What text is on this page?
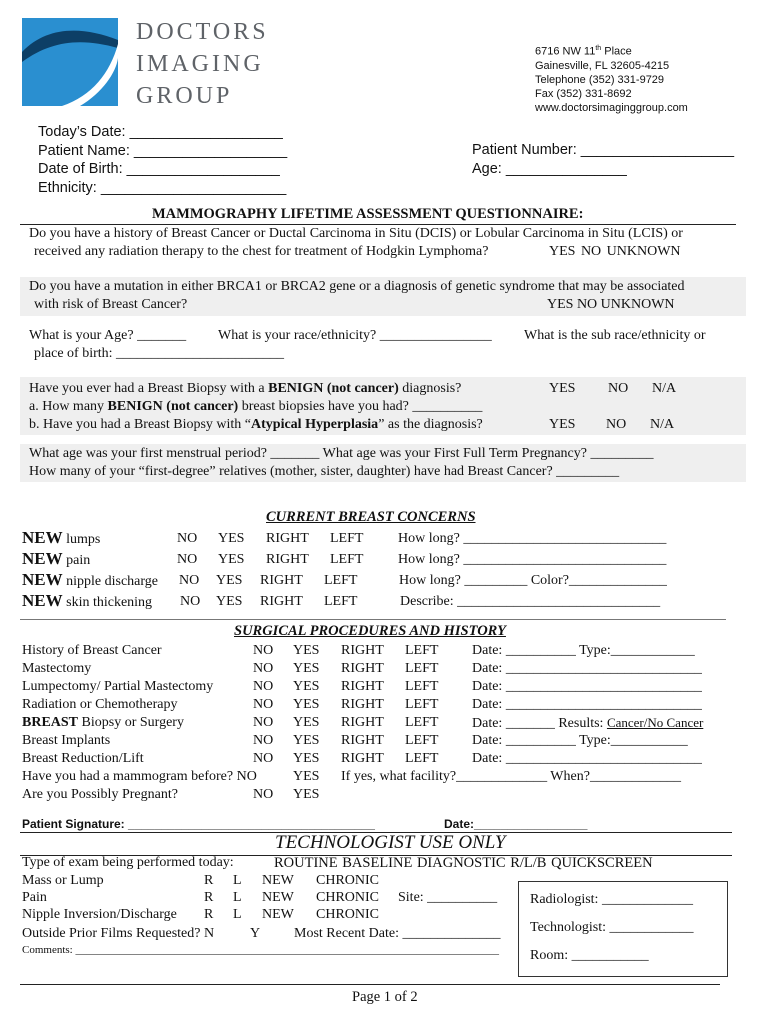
DOCTORS
IMAGING
GROUP
6716 NW 11th Place
Gainesville, FL 32605-4215
Telephone (352) 331-9729
Fax (352) 331-8692
www.doctorsimaginggroup.com
Today’s Date: ___________________
Patient Name: ___________________
Date of Birth: ___________________
Ethnicity: _______________________
Patient Number: ___________________
Age: _______________
MAMMOGRAPHY LIFETIME ASSESSMENT QUESTIONNAIRE:
Do you have a history of Breast Cancer or Ductal Carcinoma in Situ (DCIS) or Lobular Carcinoma in Situ (LCIS) or
received any radiation therapy to the chest for treatment of Hodgkin Lymphoma?	YES NO UNKNOWN
Do you have a mutation in either BRCA1 or BRCA2 gene or a diagnosis of genetic syndrome that may be associated
with risk of Breast Cancer?	YES NO UNKNOWN
What is your Age? _______ What is your race/ethnicity? ________________ What is the sub race/ethnicity or
place of birth: ________________________
Have you ever had a Breast Biopsy with a BENIGN (not cancer) diagnosis?	YES NO N/A
a. How many BENIGN (not cancer) breast biopsies have you had? __________
b. Have you had a Breast Biopsy with “Atypical Hyperplasia” as the diagnosis?	YES NO N/A
What age was your first menstrual period? _______ What age was your First Full Term Pregnancy? _________
How many of your “first-degree” relatives (mother, sister, daughter) have had Breast Cancer? _________
CURRENT BREAST CONCERNS
NEW lumps	NO YES RIGHT LEFT How long? _____________________________
NEW pain	NO YES RIGHT LEFT How long? _____________________________
NEW nipple discharge NO YES RIGHT LEFT	How long? _________ Color?______________
NEW skin thickening NO YES RIGHT LEFT	Describe: _____________________________
SURGICAL PROCEDURES AND HISTORY
History of Breast Cancer	NO YES RIGHT LEFT Date: __________ Type:____________
Mastectomy	NO YES RIGHT LEFT Date: ____________________________
Lumpectomy/ Partial Mastectomy	NO YES RIGHT LEFT Date: ____________________________
Radiation or Chemotherapy	NO YES RIGHT LEFT Date: ____________________________
BREAST Biopsy or Surgery	NO YES RIGHT LEFT Date: _______ Results: Cancer/No Cancer
Breast Implants	NO YES RIGHT LEFT Date: __________ Type:___________
Breast Reduction/Lift	NO YES RIGHT LEFT Date: ____________________________
Have you had a mammogram before? NO	YES If yes, what facility?_____________ When?_____________
Are you Possibly Pregnant?	NO YES
Patient Signature: _____________________________________	Date:_________________
TECHNOLOGIST USE ONLY
Type of exam being performed today:	ROUTINE BASELINE DIAGNOSTIC R/L/B QUICKSCREEN
Mass or Lump	R L NEW CHRONIC
Pain	R L NEW CHRONIC Site: __________
Nipple Inversion/Discharge R L NEW CHRONIC
Outside Prior Films Requested? N	Y Most Recent Date: ______________
Comments: _____________________________________________________________________________
Radiologist: _____________
Technologist: ____________
Room: ___________
Page 1 of 2
